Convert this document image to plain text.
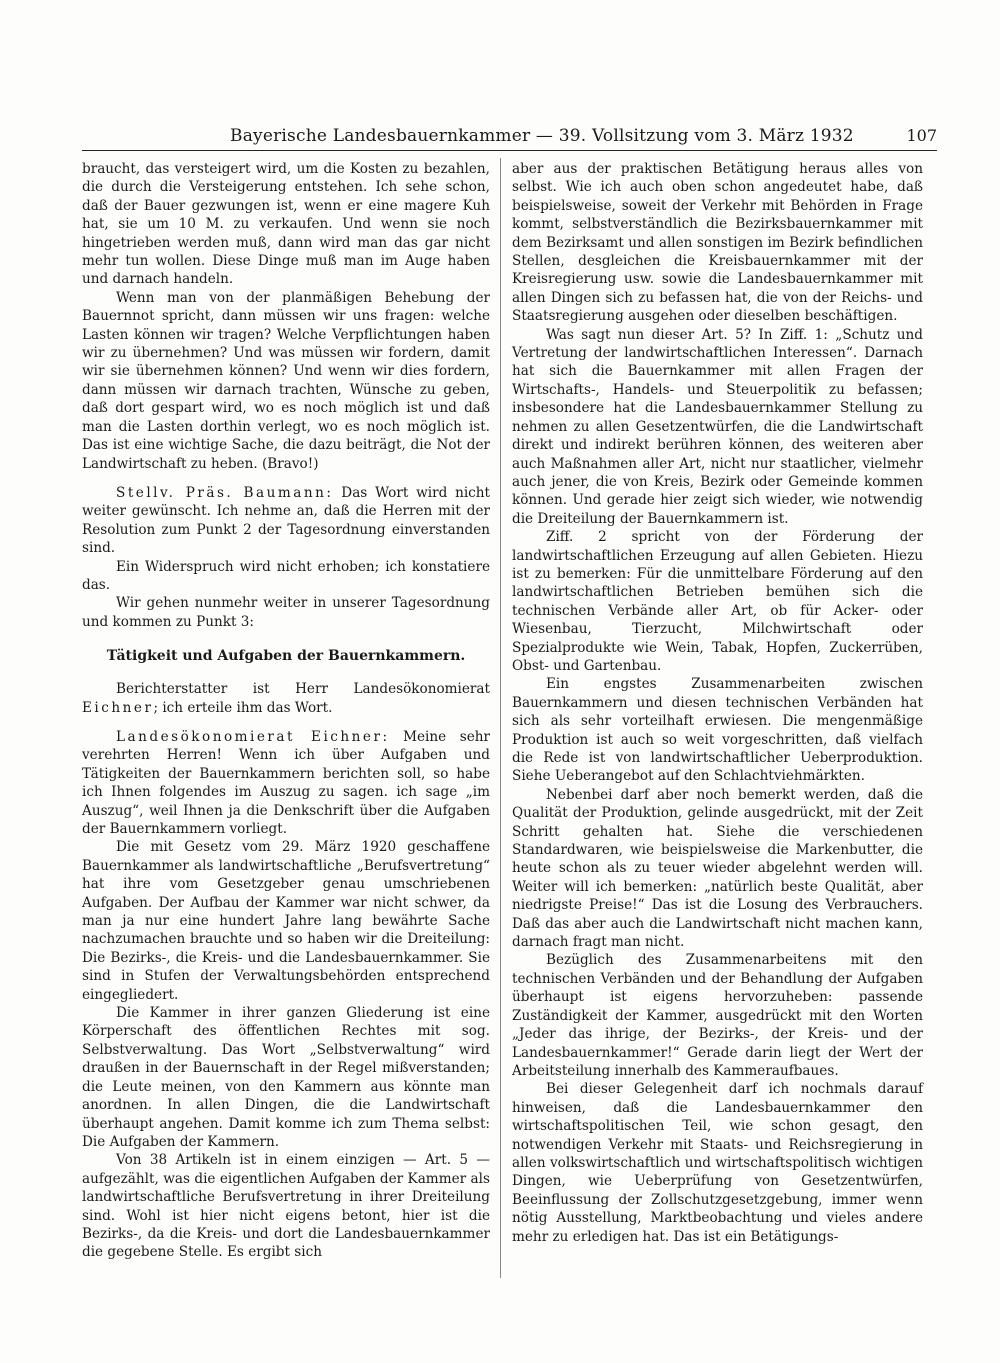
Bayerische Landesbauernkammer — 39. Vollsitzung vom 3. März 1932	107

braucht, das versteigert wird, um die Kosten zu bezahlen, die durch die Versteigerung entstehen. Ich sehe schon, daß der Bauer gezwungen ist, wenn er eine magere Kuh hat, sie um 10 M. zu verkaufen. Und wenn sie noch hingetrieben werden muß, dann wird man das gar nicht mehr tun wollen. Diese Dinge muß man im Auge haben und darnach handeln.

Wenn man von der planmäßigen Behebung der Bauernnot spricht, dann müssen wir uns fragen: welche Lasten können wir tragen? Welche Verpflichtungen haben wir zu übernehmen? Und was müssen wir fordern, damit wir sie übernehmen können? Und wenn wir dies fordern, dann müssen wir darnach trachten, Wünsche zu geben, daß dort gespart wird, wo es noch möglich ist und daß man die Lasten dorthin verlegt, wo es noch möglich ist. Das ist eine wichtige Sache, die dazu beiträgt, die Not der Landwirtschaft zu heben. (Bravo!)

Stellv. Präs. Baumann: Das Wort wird nicht weiter gewünscht. Ich nehme an, daß die Herren mit der Resolution zum Punkt 2 der Tagesordnung einverstanden sind.

Ein Widerspruch wird nicht erhoben; ich konstatiere das.

Wir gehen nunmehr weiter in unserer Tagesordnung und kommen zu Punkt 3:

Tätigkeit und Aufgaben der Bauernkammern.

Berichterstatter ist Herr Landesökonomierat Eichner; ich erteile ihm das Wort.

Landesökonomierat Eichner: Meine sehr verehrten Herren! Wenn ich über Aufgaben und Tätigkeiten der Bauernkammern berichten soll, so habe ich Ihnen folgendes im Auszug zu sagen. ich sage „im Auszug“, weil Ihnen ja die Denkschrift über die Aufgaben der Bauernkammern vorliegt.

Die mit Gesetz vom 29. März 1920 geschaffene Bauernkammer als landwirtschaftliche „Berufsvertretung“ hat ihre vom Gesetzgeber genau umschriebenen Aufgaben. Der Aufbau der Kammer war nicht schwer, da man ja nur eine hundert Jahre lang bewährte Sache nachzumachen brauchte und so haben wir die Dreiteilung: Die Bezirks-, die Kreis- und die Landesbauernkammer. Sie sind in Stufen der Verwaltungsbehörden entsprechend eingegliedert.

Die Kammer in ihrer ganzen Gliederung ist eine Körperschaft des öffentlichen Rechtes mit sog. Selbstverwaltung. Das Wort „Selbstverwaltung“ wird draußen in der Bauernschaft in der Regel mißverstanden; die Leute meinen, von den Kammern aus könnte man anordnen. In allen Dingen, die die Landwirtschaft überhaupt angehen. Damit komme ich zum Thema selbst: Die Aufgaben der Kammern.

Von 38 Artikeln ist in einem einzigen — Art. 5 — aufgezählt, was die eigentlichen Aufgaben der Kammer als landwirtschaftliche Berufsvertretung in ihrer Dreiteilung sind. Wohl ist hier nicht eigens betont, hier ist die Bezirks-, da die Kreis- und dort die Landesbauernkammer die gegebene Stelle. Es ergibt sich

aber aus der praktischen Betätigung heraus alles von selbst. Wie ich auch oben schon angedeutet habe, daß beispielsweise, soweit der Verkehr mit Behörden in Frage kommt, selbstverständlich die Bezirksbauernkammer mit dem Bezirksamt und allen sonstigen im Bezirk befindlichen Stellen, desgleichen die Kreisbauernkammer mit der Kreisregierung usw. sowie die Landesbauernkammer mit allen Dingen sich zu befassen hat, die von der Reichs- und Staatsregierung ausgehen oder dieselben beschäftigen.

Was sagt nun dieser Art. 5? In Ziff. 1: „Schutz und Vertretung der landwirtschaftlichen Interessen“. Darnach hat sich die Bauernkammer mit allen Fragen der Wirtschafts-, Handels- und Steuerpolitik zu befassen; insbesondere hat die Landesbauernkammer Stellung zu nehmen zu allen Gesetzentwürfen, die die Landwirtschaft direkt und indirekt berühren können, des weiteren aber auch Maßnahmen aller Art, nicht nur staatlicher, vielmehr auch jener, die von Kreis, Bezirk oder Gemeinde kommen können. Und gerade hier zeigt sich wieder, wie notwendig die Dreiteilung der Bauernkammern ist.

Ziff. 2 spricht von der Förderung der landwirtschaftlichen Erzeugung auf allen Gebieten. Hiezu ist zu bemerken: Für die unmittelbare Förderung auf den landwirtschaftlichen Betrieben bemühen sich die technischen Verbände aller Art, ob für Acker- oder Wiesenbau, Tierzucht, Milchwirtschaft oder Spezialprodukte wie Wein, Tabak, Hopfen, Zuckerrüben, Obst- und Gartenbau.

Ein engstes Zusammenarbeiten zwischen Bauernkammern und diesen technischen Verbänden hat sich als sehr vorteilhaft erwiesen. Die mengenmäßige Produktion ist auch so weit vorgeschritten, daß vielfach die Rede ist von landwirtschaftlicher Ueberproduktion. Siehe Ueberangebot auf den Schlachtviehmärkten.

Nebenbei darf aber noch bemerkt werden, daß die Qualität der Produktion, gelinde ausgedrückt, mit der Zeit Schritt gehalten hat. Siehe die verschiedenen Standardwaren, wie beispielsweise die Markenbutter, die heute schon als zu teuer wieder abgelehnt werden will. Weiter will ich bemerken: „natürlich beste Qualität, aber niedrigste Preise!“ Das ist die Losung des Verbrauchers. Daß das aber auch die Landwirtschaft nicht machen kann, darnach fragt man nicht.

Bezüglich des Zusammenarbeitens mit den technischen Verbänden und der Behandlung der Aufgaben überhaupt ist eigens hervorzuheben: passende Zuständigkeit der Kammer, ausgedrückt mit den Worten „Jeder das ihrige, der Bezirks-, der Kreis- und der Landesbauernkammer!“ Gerade darin liegt der Wert der Arbeitsteilung innerhalb des Kammeraufbaues.

Bei dieser Gelegenheit darf ich nochmals darauf hinweisen, daß die Landesbauernkammer den wirtschaftspolitischen Teil, wie schon gesagt, den notwendigen Verkehr mit Staats- und Reichsregierung in allen volkswirtschaftlich und wirtschaftspolitisch wichtigen Dingen, wie Ueberprüfung von Gesetzentwürfen, Beeinflussung der Zollschutzgesetzgebung, immer wenn nötig Ausstellung, Marktbeobachtung und vieles andere mehr zu erledigen hat. Das ist ein Betätigungs-
